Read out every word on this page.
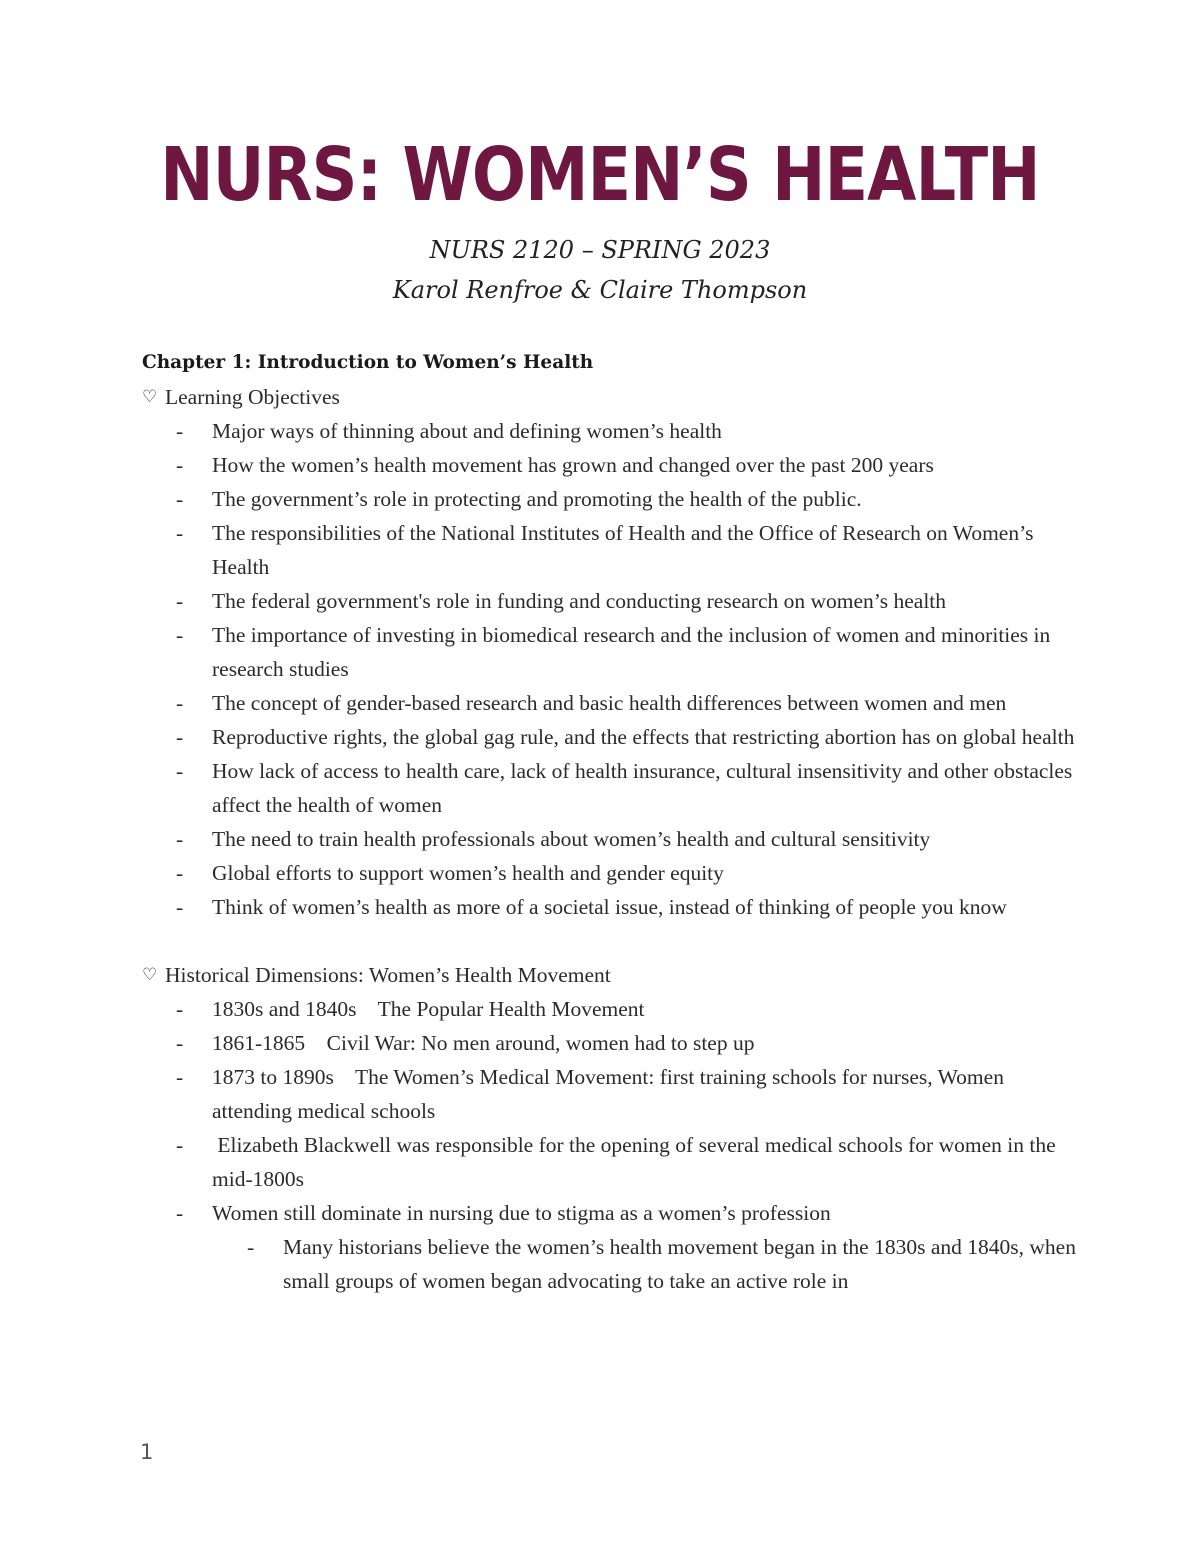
NURS: WOMEN’S HEALTH
NURS 2120 – SPRING 2023
Karol Renfroe & Claire Thompson
Chapter 1: Introduction to Women’s Health
♡ Learning Objectives
- Major ways of thinning about and defining women’s health
- How the women’s health movement has grown and changed over the past 200 years
- The government’s role in protecting and promoting the health of the public.
- The responsibilities of the National Institutes of Health and the Office of Research on Women’s Health
- The federal government's role in funding and conducting research on women’s health
- The importance of investing in biomedical research and the inclusion of women and minorities in research studies
- The concept of gender-based research and basic health differences between women and men
- Reproductive rights, the global gag rule, and the effects that restricting abortion has on global health
- How lack of access to health care, lack of health insurance, cultural insensitivity and other obstacles affect the health of women
- The need to train health professionals about women’s health and cultural sensitivity
- Global efforts to support women’s health and gender equity
- Think of women’s health as more of a societal issue, instead of thinking of people you know
♡ Historical Dimensions: Women’s Health Movement
- 1830s and 1840s    The Popular Health Movement
- 1861-1865    Civil War: No men around, women had to step up
- 1873 to 1890s    The Women’s Medical Movement: first training schools for nurses, Women attending medical schools
-  Elizabeth Blackwell was responsible for the opening of several medical schools for women in the mid-1800s
- Women still dominate in nursing due to stigma as a women’s profession
- Many historians believe the women’s health movement began in the 1830s and 1840s, when small groups of women began advocating to take an active role in
1
